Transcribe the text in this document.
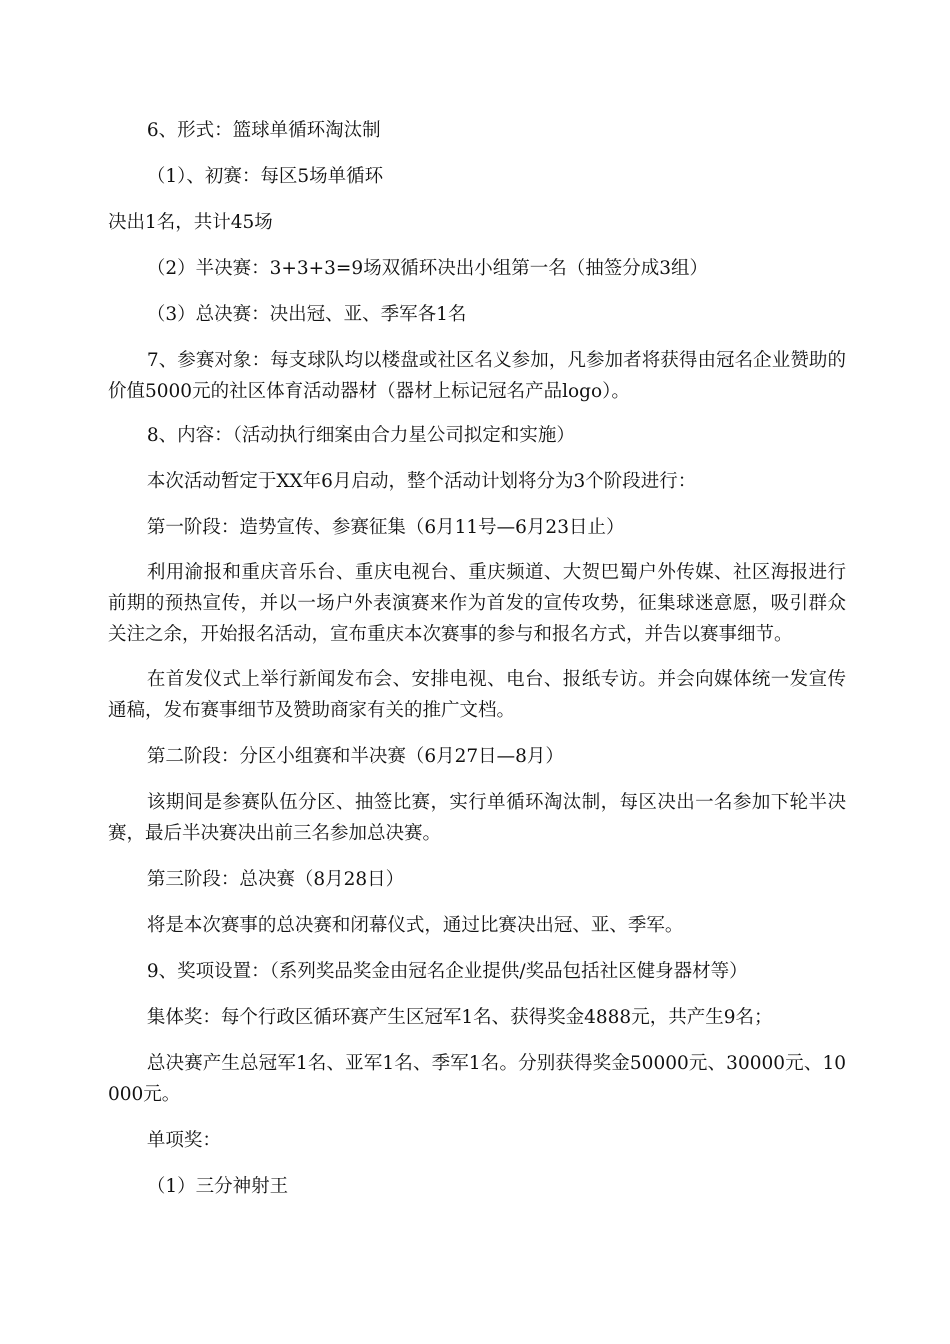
6、形式：篮球单循环淘汰制

（1）、初赛：每区5场单循环

决出1名，共计45场

（2）半决赛：3+3+3=9场双循环决出小组第一名（抽签分成3组）

（3）总决赛：决出冠、亚、季军各1名

7、参赛对象：每支球队均以楼盘或社区名义参加，凡参加者将获得由冠名企业赞助的价值5000元的社区体育活动器材（器材上标记冠名产品logo）。

8、内容：（活动执行细案由合力星公司拟定和实施）

本次活动暂定于XX年6月启动，整个活动计划将分为3个阶段进行：

第一阶段：造势宣传、参赛征集（6月11号—6月23日止）

利用渝报和重庆音乐台、重庆电视台、重庆频道、大贺巴蜀户外传媒、社区海报进行前期的预热宣传，并以一场户外表演赛来作为首发的宣传攻势，征集球迷意愿，吸引群众关注之余，开始报名活动，宣布重庆本次赛事的参与和报名方式，并告以赛事细节。

在首发仪式上举行新闻发布会、安排电视、电台、报纸专访。并会向媒体统一发宣传通稿，发布赛事细节及赞助商家有关的推广文档。

第二阶段：分区小组赛和半决赛（6月27日—8月）

该期间是参赛队伍分区、抽签比赛，实行单循环淘汰制，每区决出一名参加下轮半决赛，最后半决赛决出前三名参加总决赛。

第三阶段：总决赛（8月28日）

将是本次赛事的总决赛和闭幕仪式，通过比赛决出冠、亚、季军。

9、奖项设置：（系列奖品奖金由冠名企业提供/奖品包括社区健身器材等）

集体奖：每个行政区循环赛产生区冠军1名、获得奖金4888元，共产生9名；

总决赛产生总冠军1名、亚军1名、季军1名。分别获得奖金50000元、30000元、10000元。

单项奖：

（1）三分神射王
